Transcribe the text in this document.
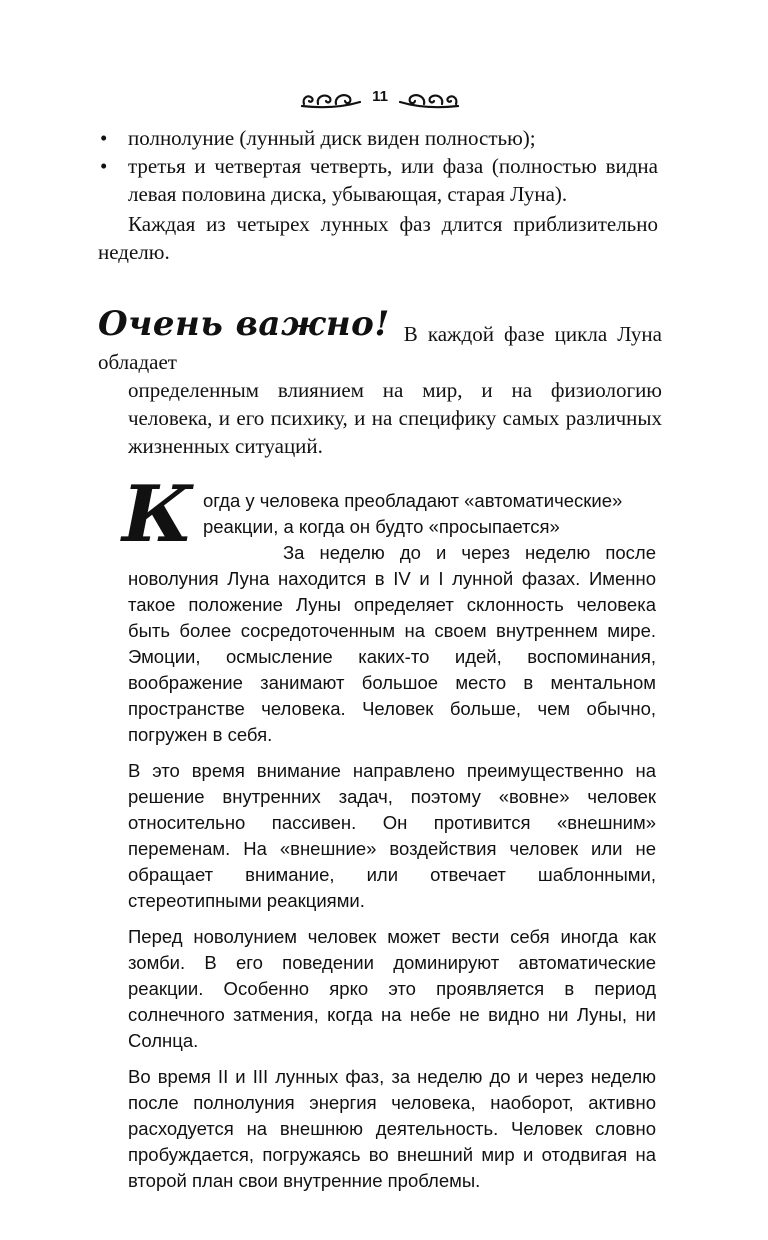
11
• полнолуние (лунный диск виден полностью);
• третья и четвертая четверть, или фаза (полностью видна левая половина диска, убывающая, старая Луна).

Каждая из четырех лунных фаз длится приблизительно неделю.

Очень важно! В каждой фазе цикла Луна обладает

определенным влиянием на мир, и на физиологию человека, и его психику, и на специфику самых различных жизненных ситуаций.

К огда у человека преобладают «автоматические» реакции, а когда он будто «просыпается»

За неделю до и через неделю после новолуния Луна находится в IV и I лунной фазах. Именно такое положение Луны определяет склонность человека быть более сосредоточенным на своем внутреннем мире. Эмоции, осмысление каких-то идей, воспоминания, воображение занимают большое место в ментальном пространстве человека. Человек больше, чем обычно, погружен в себя.

В это время внимание направлено преимущественно на решение внутренних задач, поэтому «вовне» человек относительно пассивен. Он противится «внешним» переменам. На «внешние» воздействия человек или не обращает внимание, или отвечает шаблонными, стереотипными реакциями.

Перед новолунием человек может вести себя иногда как зомби. В его поведении доминируют автоматические реакции. Особенно ярко это проявляется в период солнечного затмения, когда на небе не видно ни Луны, ни Солнца.

Во время II и III лунных фаз, за неделю до и через неделю после полнолуния энергия человека, наоборот, активно расходуется на внешнюю деятельность. Человек словно пробуждается, погружаясь во внешний мир и отодвигая на второй план свои внутренние проблемы.
